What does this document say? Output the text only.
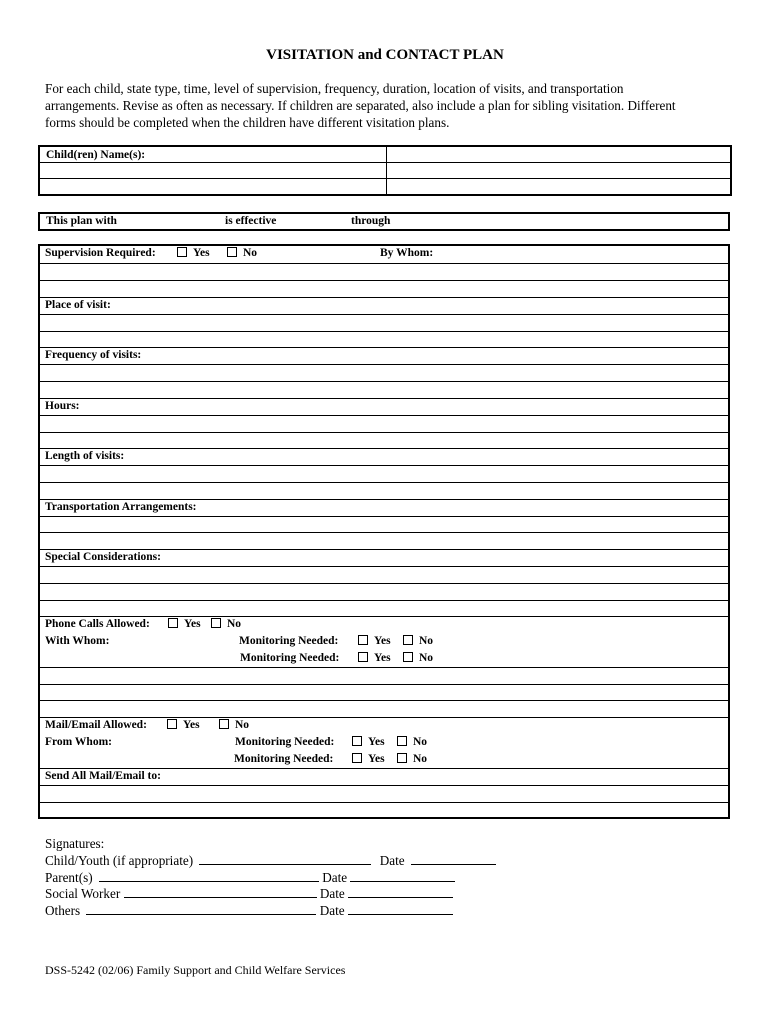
VISITATION and CONTACT PLAN
For each child, state type, time, level of supervision, frequency, duration, location of visits, and transportation
arrangements. Revise as often as necessary. If children are separated, also include a plan for sibling visitation. Different
forms should be completed when the children have different visitation plans.
Child(ren) Name(s):	

This plan with	is effective	through
Supervision Required:	Yes	No	By Whom:
Place of visit:
Frequency of visits:
Hours:
Length of visits:
Transportation Arrangements:
Special Considerations:
Phone Calls Allowed:	Yes	No
With Whom:	Monitoring Needed:	Yes	No
Monitoring Needed:	Yes	No
Mail/Email Allowed:	Yes	No
From Whom:	Monitoring Needed:	Yes	No
Monitoring Needed:	Yes	No
Send All Mail/Email to:
Signatures:
Child/Youth (if appropriate)	Date
Parent(s)	Date
Social Worker	Date
Others	Date
DSS-5242 (02/06) Family Support and Child Welfare Services
